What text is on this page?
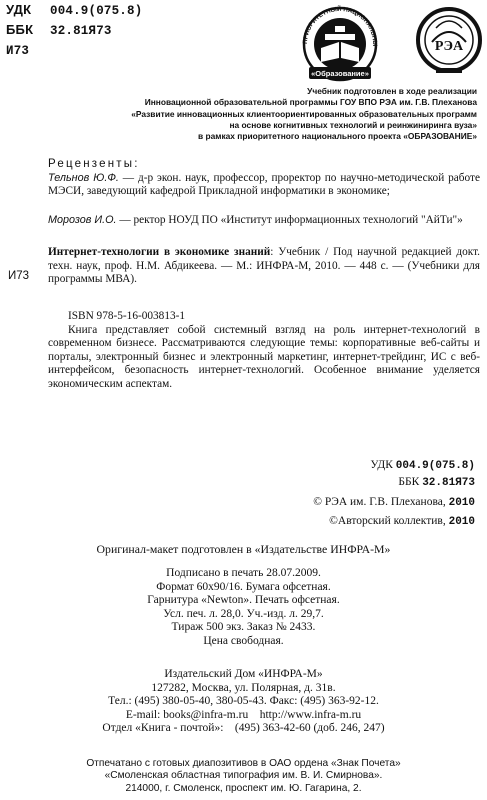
УДК 004.9(075.8)
ББК 32.81Я73
И73
ПРИОРИТЕТНЫЙ НАЦИОНАЛЬНЫ
«Образование»
РЭА
Учебник подготовлен в ходе реализации
Инновационной образовательной программы ГОУ ВПО РЭА им. Г.В. Плеханова
«Развитие инновационных клиентоориентированных образовательных программ
на основе когнитивных технологий и реинжиниринга вуза»
в рамках приоритетного национального проекта «ОБРАЗОВАНИЕ»
Рецензенты:
Тельнов Ю.Ф. — д-р экон. наук, профессор, проректор по научно-методической работе МЭСИ, заведующий кафедрой Прикладной информатики в экономике;
Морозов И.О. — ректор НОУД ПО «Институт информационных технологий "АйТи"»
И73
Интернет-технологии в экономике знаний: Учебник / Под научной редакцией докт. техн. наук, проф. Н.М. Абдикеева. — М.: ИНФРА-М, 2010. — 448 с. — (Учебники для программы МВА).
ISBN 978-5-16-003813-1
Книга представляет собой системный взгляд на роль интернет-технологий в современном бизнесе. Рассматриваются следующие темы: корпоративные веб-сайты и порталы, электронный бизнес и электронный маркетинг, интернет-трейдинг, ИС с веб-интерфейсом, безопасность интернет-технологий. Особенное внимание уделяется экономическим аспектам.
УДК 004.9(075.8)
ББК 32.81Я73
© РЭА им. Г.В. Плеханова, 2010
©Авторский коллектив, 2010
Оригинал-макет подготовлен в «Издательстве ИНФРА-М»
Подписано в печать 28.07.2009.
Формат 60х90/16. Бумага офсетная.
Гарнитура «Newton». Печать офсетная.
Усл. печ. л. 28,0. Уч.-изд. л. 29,7.
Тираж 500 экз. Заказ № 2433.
Цена свободная.
Издательский Дом «ИНФРА-М»
127282, Москва, ул. Полярная, д. 31в.
Тел.: (495) 380-05-40, 380-05-43. Факс: (495) 363-92-12.
E-mail: books@infra-m.ru    http://www.infra-m.ru
Отдел «Книга - почтой»:    (495) 363-42-60 (доб. 246, 247)
Отпечатано с готовых диапозитивов в ОАО ордена «Знак Почета»
«Смоленская областная типография им. В. И. Смирнова».
214000, г. Смоленск, проспект им. Ю. Гагарина, 2.
